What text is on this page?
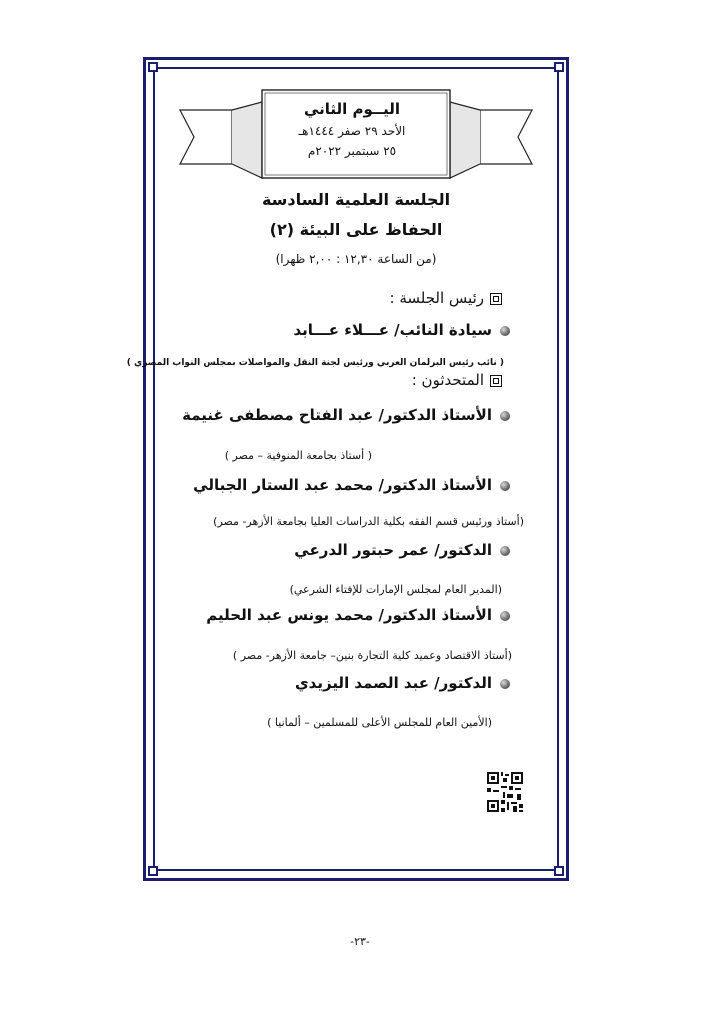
اليــوم الثاني
الأحد ٢٩ صفر ١٤٤٤هـ
٢٥ سبتمبر ٢٠٢٢م
الجلسة العلمية السادسة
الحفاظ على البيئة (٢)
(من الساعة ١٢,٣٠ : ٢,٠٠ ظهرا)
رئيس الجلسة :
سيادة النائب/ عـــلاء عـــابد
( نائب رئيس البرلمان العربي ورئيس لجنة النقل والمواصلات بمجلس النواب المصري )
المتحدثون :
الأستاذ الدكتور/ عبد الفتاح مصطفى غنيمة
( أستاذ بجامعة المنوفية – مصر )
الأستاذ الدكتور/ محمد عبد الستار الجبالي
(أستاذ ورئيس قسم الفقه بكلية الدراسات العليا بجامعة الأزهر- مصر)
الدكتور/ عمر حبتور الدرعي
(المدير العام لمجلس الإمارات للإفتاء الشرعي)
الأستاذ الدكتور/ محمد يونس عبد الحليم
(أستاذ الاقتصاد وعميد كلية التجارة بنين– جامعة الأزهر- مصر )
الدكتور/ عبد الصمد اليزيدي
(الأمين العام للمجلس الأعلى للمسلمين – ألمانيا )
-٢٣-
